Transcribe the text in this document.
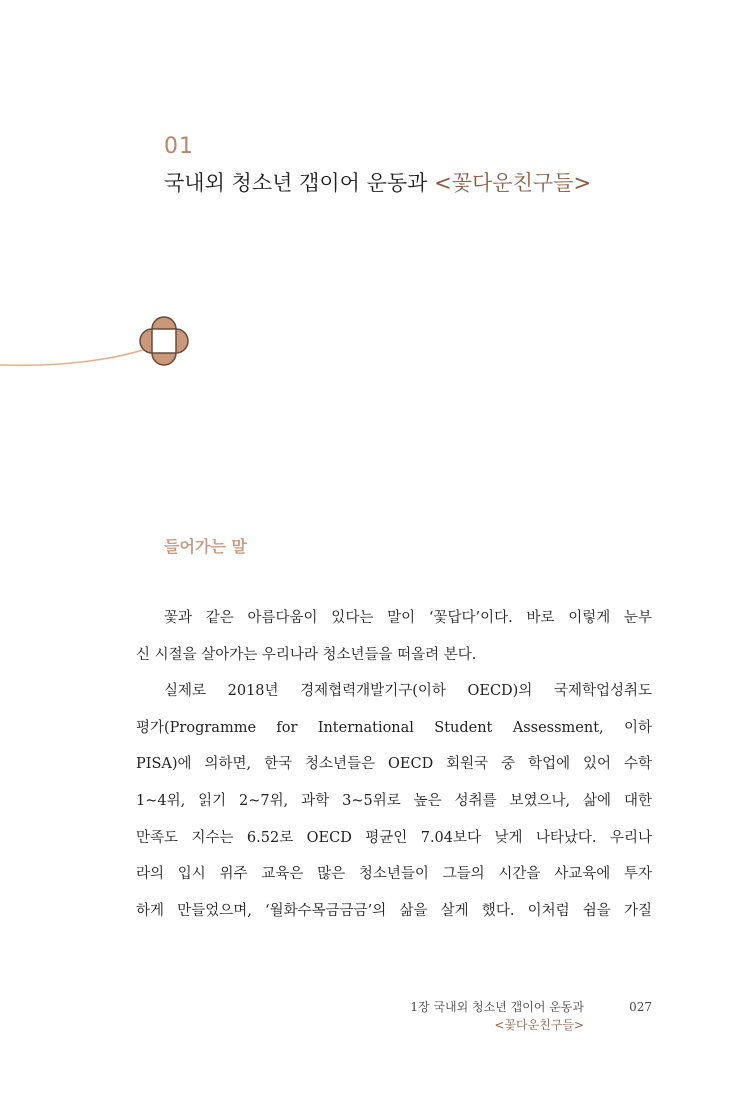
01
국내외 청소년 갭이어 운동과 <꽃다운친구들>
들어가는 말

꽃과 같은 아름다움이 있다는 말이 ‘꽃답다’이다. 바로 이렇게 눈부

신 시절을 살아가는 우리나라 청소년들을 떠올려 본다.

실제로 2018년 경제협력개발기구(이하 OECD)의 국제학업성취도

평가(Programme for International Student Assessment, 이하

PISA)에 의하면, 한국 청소년들은 OECD 회원국 중 학업에 있어 수학

1~4위, 읽기 2~7위, 과학 3~5위로 높은 성취를 보였으나, 삶에 대한

만족도 지수는 6.52로 OECD 평균인 7.04보다 낮게 나타났다. 우리나

라의 입시 위주 교육은 많은 청소년들이 그들의 시간을 사교육에 투자

하게 만들었으며, ‘월화수목금금금’의 삶을 살게 했다. 이처럼 쉼을 가질

1장 국내외 청소년 갭이어 운동과
<꽃다운친구들>
027
